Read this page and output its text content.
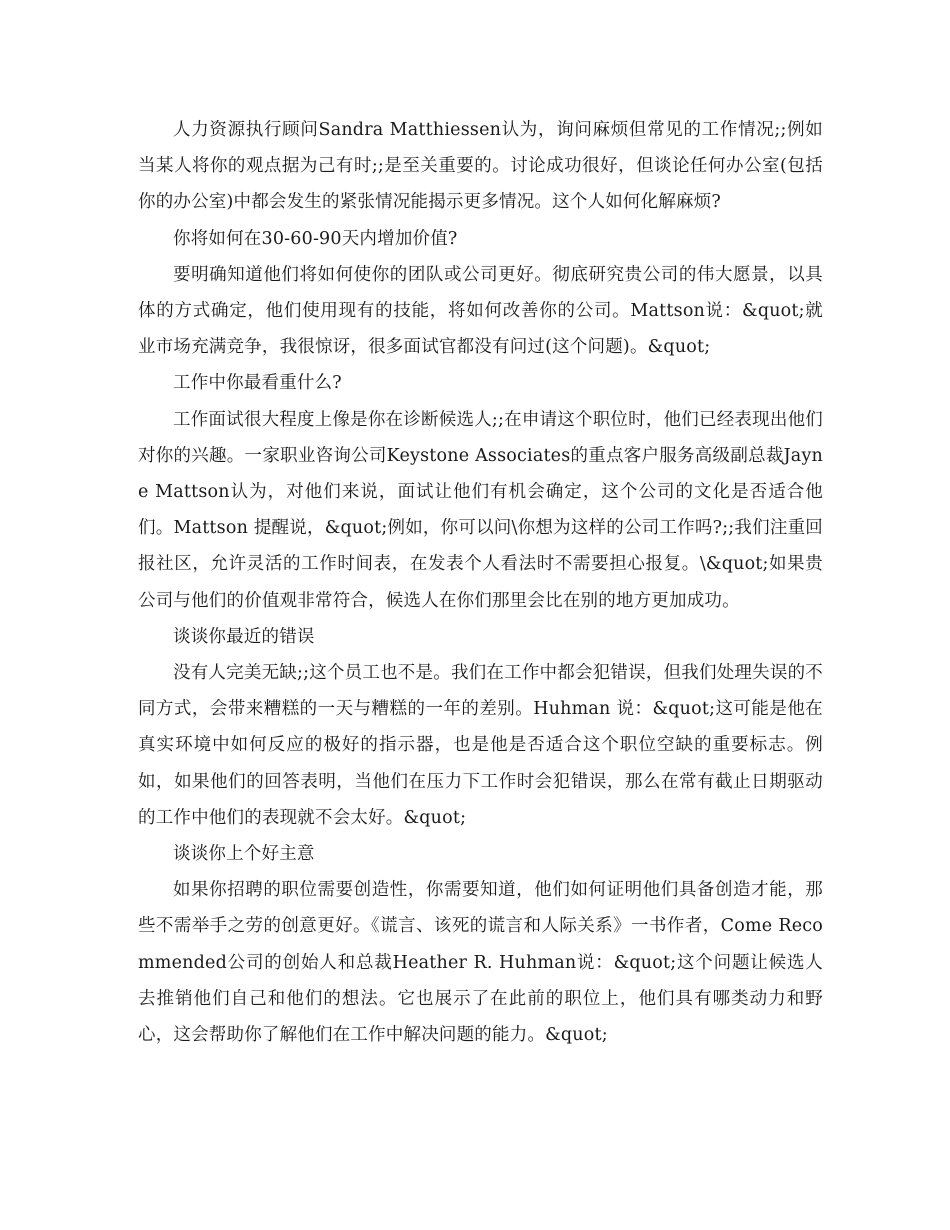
人力资源执行顾问Sandra Matthiessen认为，询问麻烦但常见的工作情况;;例如当某人将你的观点据为己有时;;是至关重要的。讨论成功很好，但谈论任何办公室(包括你的办公室)中都会发生的紧张情况能揭示更多情况。这个人如何化解麻烦?

你将如何在30-60-90天内增加价值?

要明确知道他们将如何使你的团队或公司更好。彻底研究贵公司的伟大愿景，以具体的方式确定，他们使用现有的技能，将如何改善你的公司。Mattson说：&quot;就业市场充满竞争，我很惊讶，很多面试官都没有问过(这个问题)。&quot;

工作中你最看重什么?

工作面试很大程度上像是你在诊断候选人;;在申请这个职位时，他们已经表现出他们对你的兴趣。一家职业咨询公司Keystone Associates的重点客户服务高级副总裁Jayne Mattson认为，对他们来说，面试让他们有机会确定，这个公司的文化是否适合他们。Mattson 提醒说，&quot;例如，你可以问\你想为这样的公司工作吗?;;我们注重回报社区，允许灵活的工作时间表，在发表个人看法时不需要担心报复。\&quot;如果贵公司与他们的价值观非常符合，候选人在你们那里会比在别的地方更加成功。

谈谈你最近的错误

没有人完美无缺;;这个员工也不是。我们在工作中都会犯错误，但我们处理失误的不同方式，会带来糟糕的一天与糟糕的一年的差别。Huhman 说：&quot;这可能是他在真实环境中如何反应的极好的指示器，也是他是否适合这个职位空缺的重要标志。例如，如果他们的回答表明，当他们在压力下工作时会犯错误，那么在常有截止日期驱动的工作中他们的表现就不会太好。&quot;

谈谈你上个好主意

如果你招聘的职位需要创造性，你需要知道，他们如何证明他们具备创造才能，那些不需举手之劳的创意更好。《谎言、该死的谎言和人际关系》一书作者，Come Recommended公司的创始人和总裁Heather R. Huhman说：&quot;这个问题让候选人去推销他们自己和他们的想法。它也展示了在此前的职位上，他们具有哪类动力和野心，这会帮助你了解他们在工作中解决问题的能力。&quot;
